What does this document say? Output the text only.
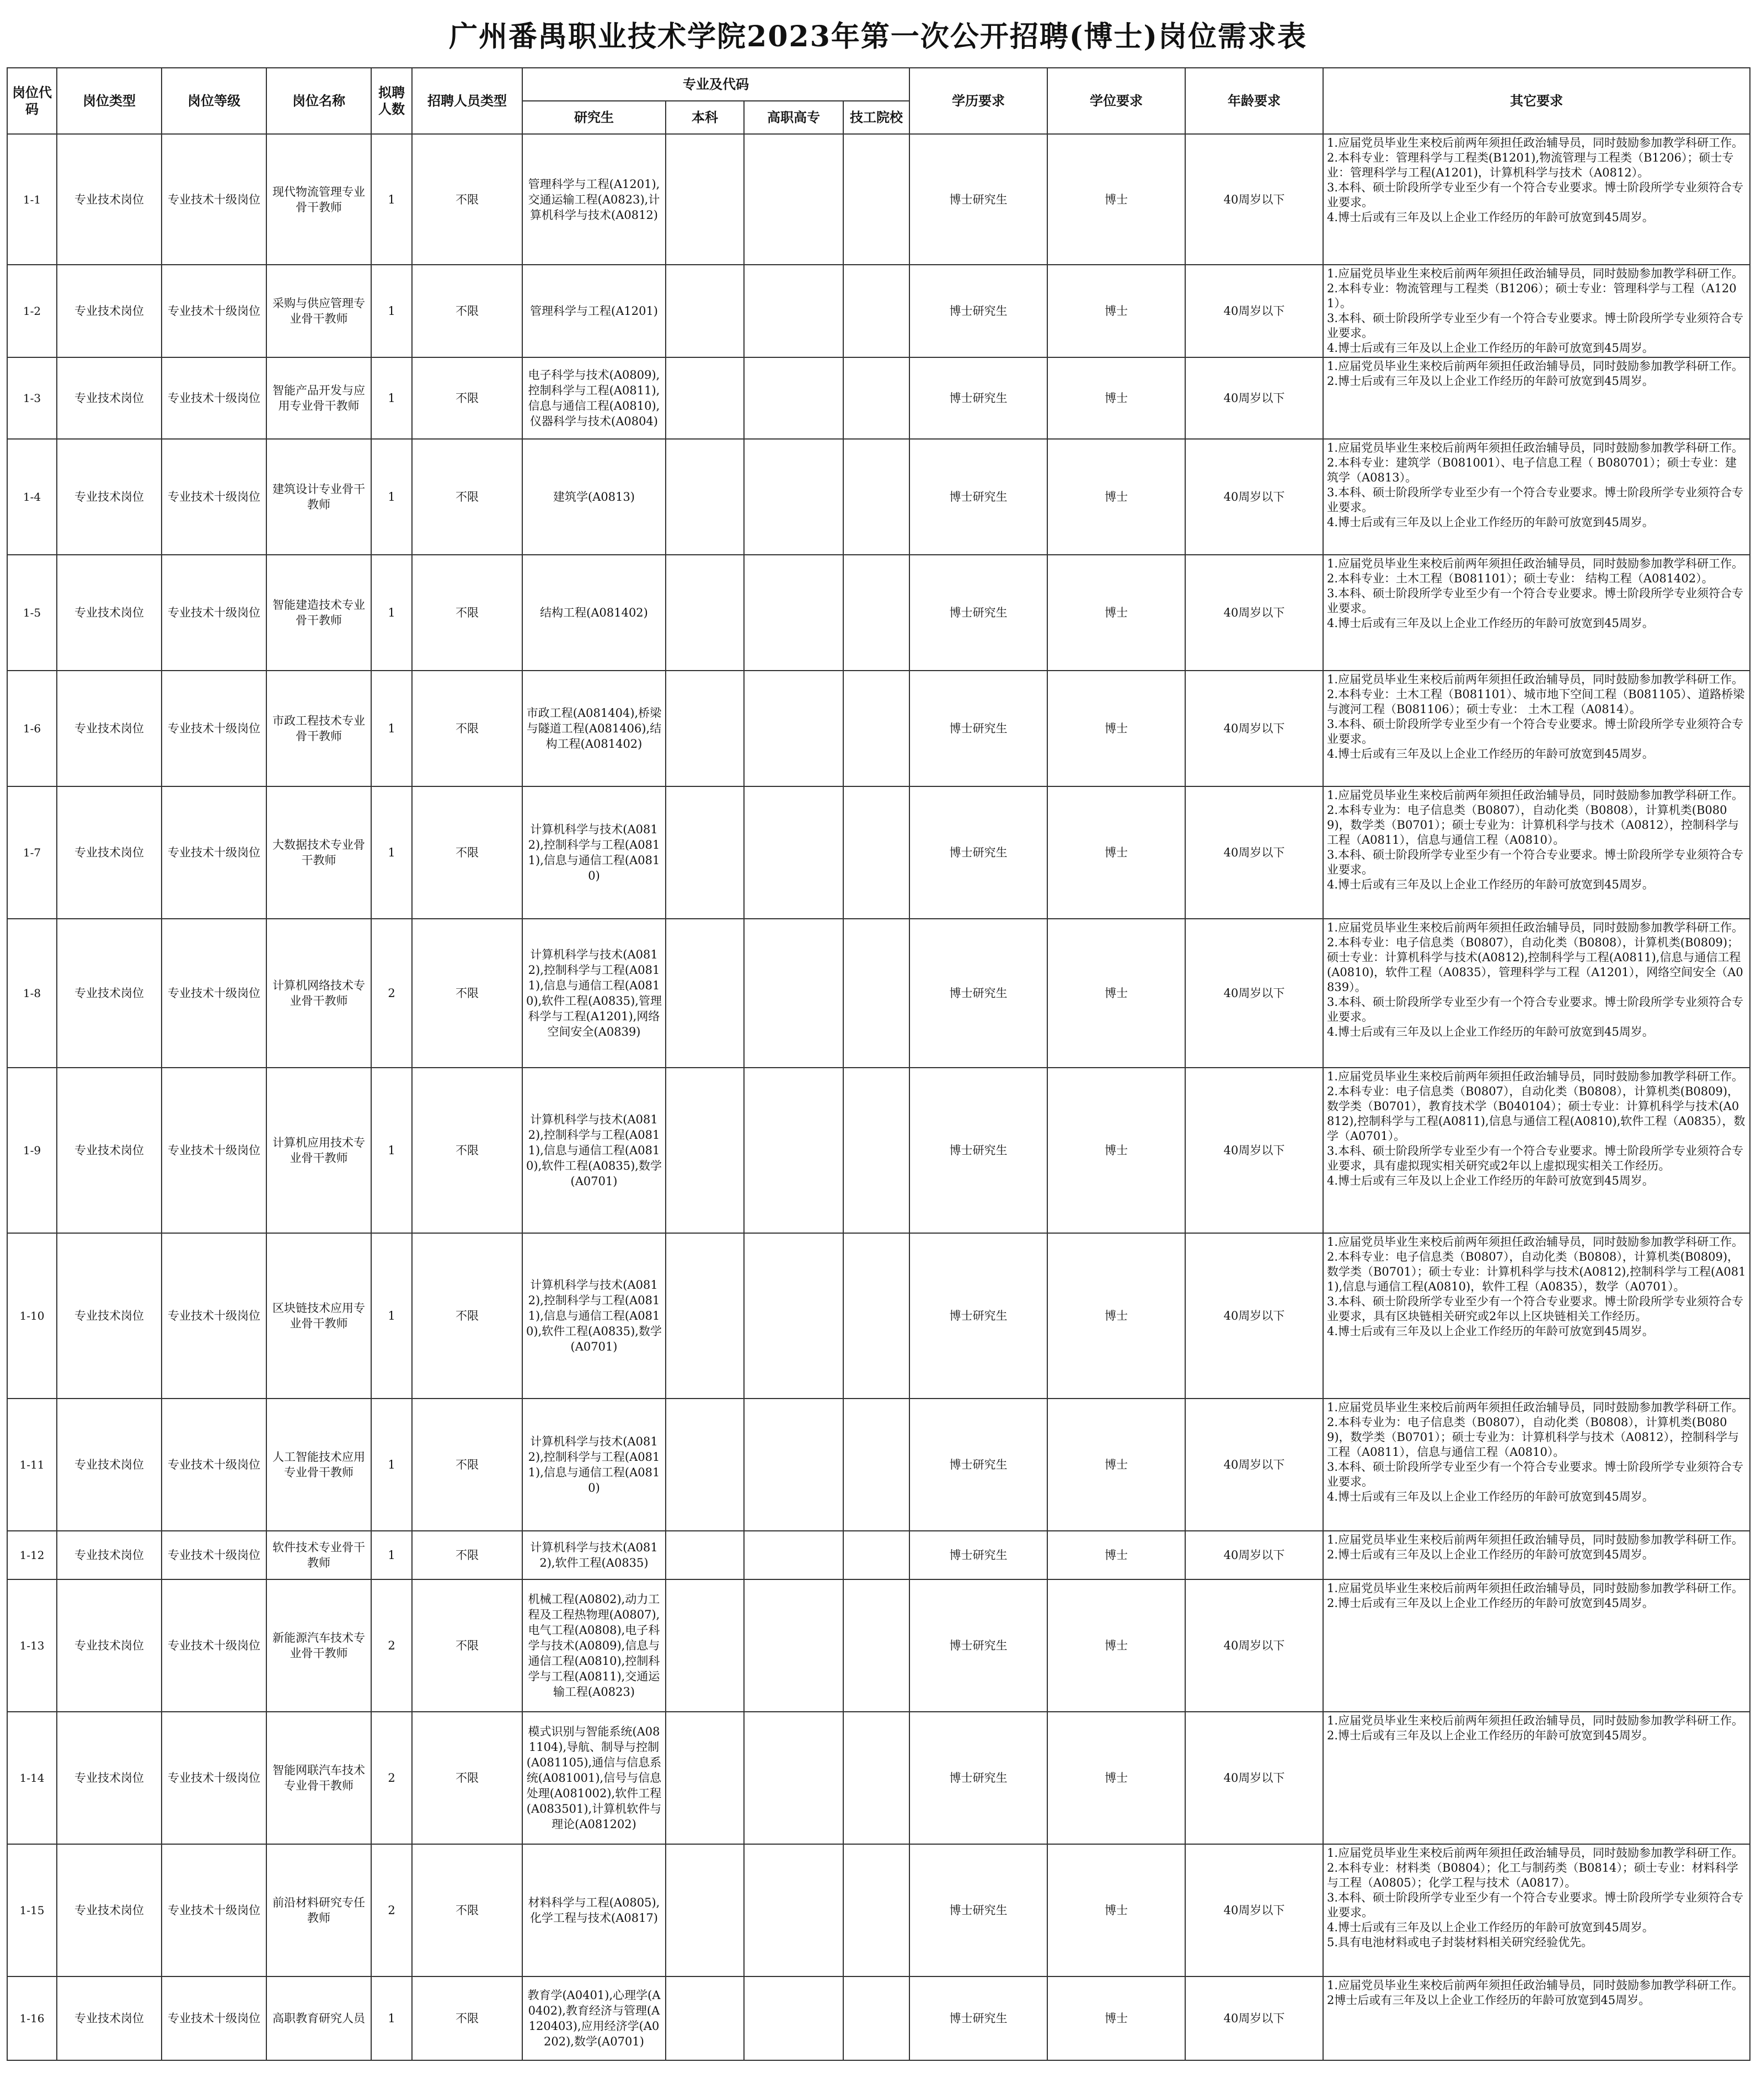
广州番禺职业技术学院2023年第一次公开招聘(博士)岗位需求表
岗位代码	岗位类型	岗位等级	岗位名称	拟聘人数	招聘人员类型	专业及代码				学历要求	学位要求	年龄要求	其它要求
						研究生	本科	高职高专	技工院校				
1-1	专业技术岗位	专业技术十级岗位	现代物流管理专业骨干教师	1	不限	管理科学与工程(A1201),交通运输工程(A0823),计算机科学与技术(A0812)				博士研究生	博士	40周岁以下	1.应届党员毕业生来校后前两年须担任政治辅导员，同时鼓励参加教学科研工作。
2.本科专业：管理科学与工程类(B1201),物流管理与工程类（B1206）；硕士专业：管理科学与工程(A1201)，计算机科学与技术（A0812）。
3.本科、硕士阶段所学专业至少有一个符合专业要求。博士阶段所学专业须符合专业要求。
4.博士后或有三年及以上企业工作经历的年龄可放宽到45周岁。

1-2	专业技术岗位	专业技术十级岗位	采购与供应管理专业骨干教师	1	不限	管理科学与工程(A1201)				博士研究生	博士	40周岁以下	1.应届党员毕业生来校后前两年须担任政治辅导员，同时鼓励参加教学科研工作。
2.本科专业：物流管理与工程类（B1206）；硕士专业：管理科学与工程（A1201）。
3.本科、硕士阶段所学专业至少有一个符合专业要求。博士阶段所学专业须符合专业要求。
4.博士后或有三年及以上企业工作经历的年龄可放宽到45周岁。

1-3	专业技术岗位	专业技术十级岗位	智能产品开发与应用专业骨干教师	1	不限	电子科学与技术(A0809),控制科学与工程(A0811),信息与通信工程(A0810),仪器科学与技术(A0804)				博士研究生	博士	40周岁以下	1.应届党员毕业生来校后前两年须担任政治辅导员，同时鼓励参加教学科研工作。
2.博士后或有三年及以上企业工作经历的年龄可放宽到45周岁。

1-4	专业技术岗位	专业技术十级岗位	建筑设计专业骨干教师	1	不限	建筑学(A0813)				博士研究生	博士	40周岁以下	1.应届党员毕业生来校后前两年须担任政治辅导员，同时鼓励参加教学科研工作。
2.本科专业：建筑学（B081001）、电子信息工程（ B080701）；硕士专业：建筑学（A0813）。
3.本科、硕士阶段所学专业至少有一个符合专业要求。博士阶段所学专业须符合专业要求。
4.博士后或有三年及以上企业工作经历的年龄可放宽到45周岁。

1-5	专业技术岗位	专业技术十级岗位	智能建造技术专业骨干教师	1	不限	结构工程(A081402)				博士研究生	博士	40周岁以下	1.应届党员毕业生来校后前两年须担任政治辅导员，同时鼓励参加教学科研工作。
2.本科专业：土木工程（B081101）；硕士专业： 结构工程（A081402）。
3.本科、硕士阶段所学专业至少有一个符合专业要求。博士阶段所学专业须符合专业要求。
4.博士后或有三年及以上企业工作经历的年龄可放宽到45周岁。

1-6	专业技术岗位	专业技术十级岗位	市政工程技术专业骨干教师	1	不限	市政工程(A081404),桥梁与隧道工程(A081406),结构工程(A081402)				博士研究生	博士	40周岁以下	1.应届党员毕业生来校后前两年须担任政治辅导员，同时鼓励参加教学科研工作。
2.本科专业：土木工程（B081101）、城市地下空间工程（B081105）、道路桥梁与渡河工程（B081106）；硕士专业： 土木工程（A0814）。
3.本科、硕士阶段所学专业至少有一个符合专业要求。博士阶段所学专业须符合专业要求。
4.博士后或有三年及以上企业工作经历的年龄可放宽到45周岁。

1-7	专业技术岗位	专业技术十级岗位	大数据技术专业骨干教师	1	不限	计算机科学与技术(A0812),控制科学与工程(A0811),信息与通信工程(A0810)				博士研究生	博士	40周岁以下	1.应届党员毕业生来校后前两年须担任政治辅导员，同时鼓励参加教学科研工作。
2.本科专业为：电子信息类（B0807），自动化类（B0808），计算机类(B0809)，数学类（B0701）；硕士专业为：计算机科学与技术（A0812），控制科学与工程（A0811），信息与通信工程（A0810）。
3.本科、硕士阶段所学专业至少有一个符合专业要求。博士阶段所学专业须符合专业要求。
4.博士后或有三年及以上企业工作经历的年龄可放宽到45周岁。

1-8	专业技术岗位	专业技术十级岗位	计算机网络技术专业骨干教师	2	不限	计算机科学与技术(A0812),控制科学与工程(A0811),信息与通信工程(A0810),软件工程(A0835),管理科学与工程(A1201),网络空间安全(A0839)				博士研究生	博士	40周岁以下	1.应届党员毕业生来校后前两年须担任政治辅导员，同时鼓励参加教学科研工作。
2.本科专业：电子信息类（B0807），自动化类（B0808），计算机类(B0809)；硕士专业：计算机科学与技术(A0812),控制科学与工程(A0811),信息与通信工程(A0810)，软件工程（A0835），管理科学与工程（A1201），网络空间安全（A0839）。
3.本科、硕士阶段所学专业至少有一个符合专业要求。博士阶段所学专业须符合专业要求。
4.博士后或有三年及以上企业工作经历的年龄可放宽到45周岁。

1-9	专业技术岗位	专业技术十级岗位	计算机应用技术专业骨干教师	1	不限	计算机科学与技术(A0812),控制科学与工程(A0811),信息与通信工程(A0810),软件工程(A0835),数学(A0701)				博士研究生	博士	40周岁以下	1.应届党员毕业生来校后前两年须担任政治辅导员，同时鼓励参加教学科研工作。
2.本科专业：电子信息类（B0807），自动化类（B0808），计算机类(B0809)，数学类（B0701），教育技术学（B040104）；硕士专业：计算机科学与技术(A0812),控制科学与工程(A0811),信息与通信工程(A0810),软件工程（A0835），数学（A0701）。
3.本科、硕士阶段所学专业至少有一个符合专业要求。博士阶段所学专业须符合专业要求，具有虚拟现实相关研究或2年以上虚拟现实相关工作经历。
4.博士后或有三年及以上企业工作经历的年龄可放宽到45周岁。

1-10	专业技术岗位	专业技术十级岗位	区块链技术应用专业骨干教师	1	不限	计算机科学与技术(A0812),控制科学与工程(A0811),信息与通信工程(A0810),软件工程(A0835),数学(A0701)				博士研究生	博士	40周岁以下	1.应届党员毕业生来校后前两年须担任政治辅导员，同时鼓励参加教学科研工作。
2.本科专业：电子信息类（B0807），自动化类（B0808），计算机类(B0809)，数学类（B0701）；硕士专业：计算机科学与技术(A0812),控制科学与工程(A0811),信息与通信工程(A0810)，软件工程（A0835），数学（A0701）。
3.本科、硕士阶段所学专业至少有一个符合专业要求。博士阶段所学专业须符合专业要求，具有区块链相关研究或2年以上区块链相关工作经历。
4.博士后或有三年及以上企业工作经历的年龄可放宽到45周岁。

1-11	专业技术岗位	专业技术十级岗位	人工智能技术应用专业骨干教师	1	不限	计算机科学与技术(A0812),控制科学与工程(A0811),信息与通信工程(A0810)				博士研究生	博士	40周岁以下	1.应届党员毕业生来校后前两年须担任政治辅导员，同时鼓励参加教学科研工作。
2.本科专业为：电子信息类（B0807），自动化类（B0808），计算机类(B0809)，数学类（B0701）；硕士专业为：计算机科学与技术（A0812），控制科学与工程（A0811），信息与通信工程（A0810）。
3.本科、硕士阶段所学专业至少有一个符合专业要求。博士阶段所学专业须符合专业要求。
4.博士后或有三年及以上企业工作经历的年龄可放宽到45周岁。

1-12	专业技术岗位	专业技术十级岗位	软件技术专业骨干教师	1	不限	计算机科学与技术(A0812),软件工程(A0835)				博士研究生	博士	40周岁以下	1.应届党员毕业生来校后前两年须担任政治辅导员，同时鼓励参加教学科研工作。
2.博士后或有三年及以上企业工作经历的年龄可放宽到45周岁。

1-13	专业技术岗位	专业技术十级岗位	新能源汽车技术专业骨干教师	2	不限	机械工程(A0802),动力工程及工程热物理(A0807),电气工程(A0808),电子科学与技术(A0809),信息与通信工程(A0810),控制科学与工程(A0811),交通运输工程(A0823)				博士研究生	博士	40周岁以下	1.应届党员毕业生来校后前两年须担任政治辅导员，同时鼓励参加教学科研工作。
2.博士后或有三年及以上企业工作经历的年龄可放宽到45周岁。

1-14	专业技术岗位	专业技术十级岗位	智能网联汽车技术专业骨干教师	2	不限	模式识别与智能系统(A081104),导航、制导与控制(A081105),通信与信息系统(A081001),信号与信息处理(A081002),软件工程(A083501),计算机软件与理论(A081202)				博士研究生	博士	40周岁以下	1.应届党员毕业生来校后前两年须担任政治辅导员，同时鼓励参加教学科研工作。
2.博士后或有三年及以上企业工作经历的年龄可放宽到45周岁。

1-15	专业技术岗位	专业技术十级岗位	前沿材料研究专任教师	2	不限	材料科学与工程(A0805),化学工程与技术(A0817)				博士研究生	博士	40周岁以下	1.应届党员毕业生来校后前两年须担任政治辅导员，同时鼓励参加教学科研工作。
2.本科专业：材料类（B0804）；化工与制药类（B0814）；硕士专业：材料科学与工程（A0805）；化学工程与技术（A0817）。
3.本科、硕士阶段所学专业至少有一个符合专业要求。博士阶段所学专业须符合专业要求。
4.博士后或有三年及以上企业工作经历的年龄可放宽到45周岁。
5.具有电池材料或电子封装材料相关研究经验优先。

1-16	专业技术岗位	专业技术十级岗位	高职教育研究人员	1	不限	教育学(A0401),心理学(A0402),教育经济与管理(A120403),应用经济学(A0202),数学(A0701)				博士研究生	博士	40周岁以下	1.应届党员毕业生来校后前两年须担任政治辅导员，同时鼓励参加教学科研工作。
2博士后或有三年及以上企业工作经历的年龄可放宽到45周岁。
